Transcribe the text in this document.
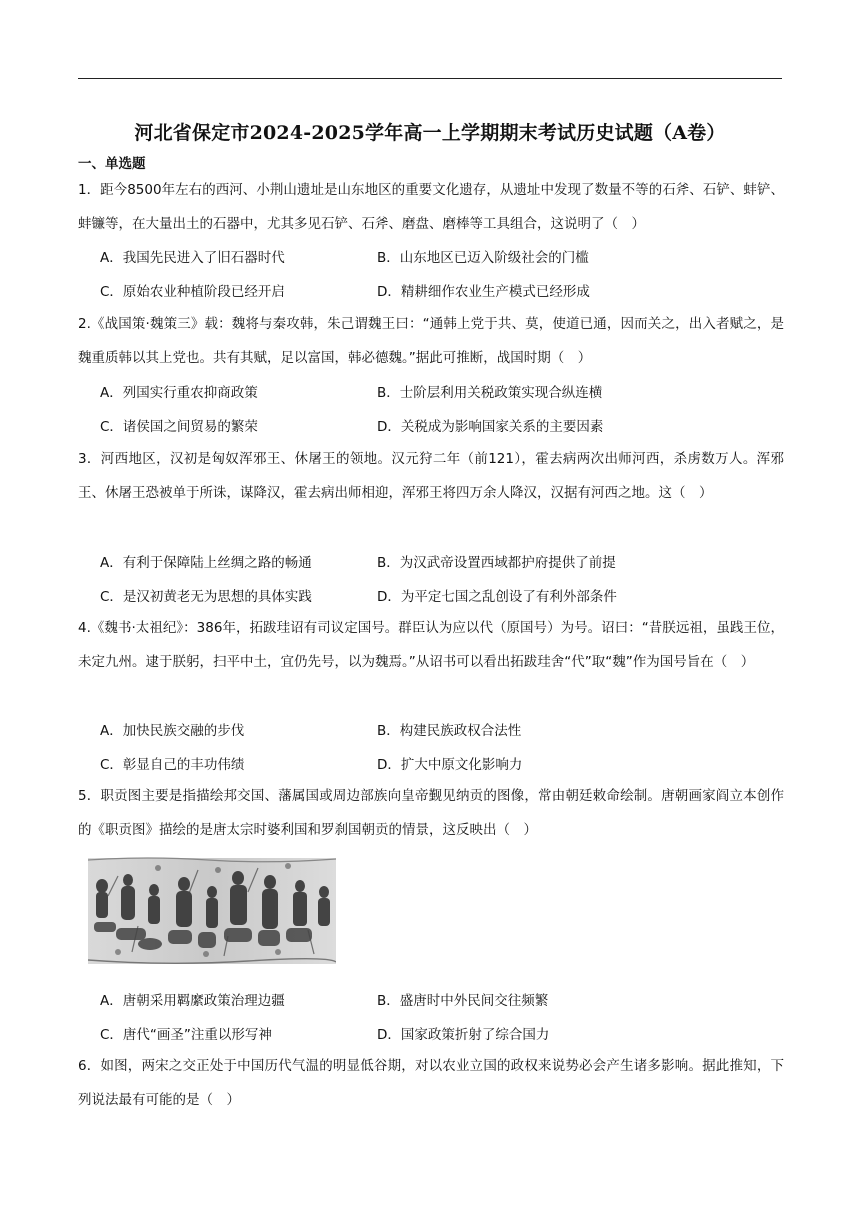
河北省保定市2024-2025学年高一上学期期末考试历史试题（A卷）
一、单选题

1．距今8500年左右的西河、小荆山遗址是山东地区的重要文化遗存，从遗址中发现了数量不等的石斧、石铲、蚌铲、蚌镰等，在大量出土的石器中，尤其多见石铲、石斧、磨盘、磨棒等工具组合，这说明了（　）

A．我国先民进入了旧石器时代	B．山东地区已迈入阶级社会的门槛
C．原始农业种植阶段已经开启	D．精耕细作农业生产模式已经形成

2.《战国策·魏策三》载：魏将与秦攻韩，朱己谓魏王曰：“通韩上党于共、莫，使道已通，因而关之，出入者赋之，是魏重质韩以其上党也。共有其赋，足以富国，韩必德魏。”据此可推断，战国时期（　）

A．列国实行重农抑商政策	B．士阶层利用关税政策实现合纵连横
C．诸侯国之间贸易的繁荣	D．关税成为影响国家关系的主要因素

3．河西地区，汉初是匈奴浑邪王、休屠王的领地。汉元狩二年（前121），霍去病两次出师河西，杀虏数万人。浑邪王、休屠王恐被单于所诛，谋降汉，霍去病出师相迎，浑邪王将四万余人降汉，汉据有河西之地。这（　）

A．有利于保障陆上丝绸之路的畅通	B．为汉武帝设置西域都护府提供了前提
C．是汉初黄老无为思想的具体实践	D．为平定七国之乱创设了有利外部条件

4.《魏书·太祖纪》：386年，拓跋珪诏有司议定国号。群臣认为应以代（原国号）为号。诏曰：“昔朕远祖，虽践王位，未定九州。逮于朕躬，扫平中土，宜仍先号，以为魏焉。”从诏书可以看出拓跋珪舍“代”取“魏”作为国号旨在（　）

A．加快民族交融的步伐	B．构建民族政权合法性
C．彰显自己的丰功伟绩	D．扩大中原文化影响力

5．职贡图主要是指描绘邦交国、藩属国或周边部族向皇帝觐见纳贡的图像，常由朝廷敕命绘制。唐朝画家阎立本创作的《职贡图》描绘的是唐太宗时婆利国和罗刹国朝贡的情景，这反映出（　）

A．唐朝采用羁縻政策治理边疆	B．盛唐时中外民间交往频繁
C．唐代“画圣”注重以形写神	D．国家政策折射了综合国力

6．如图，两宋之交正处于中国历代气温的明显低谷期，对以农业立国的政权来说势必会产生诸多影响。据此推知，下列说法最有可能的是（　）
